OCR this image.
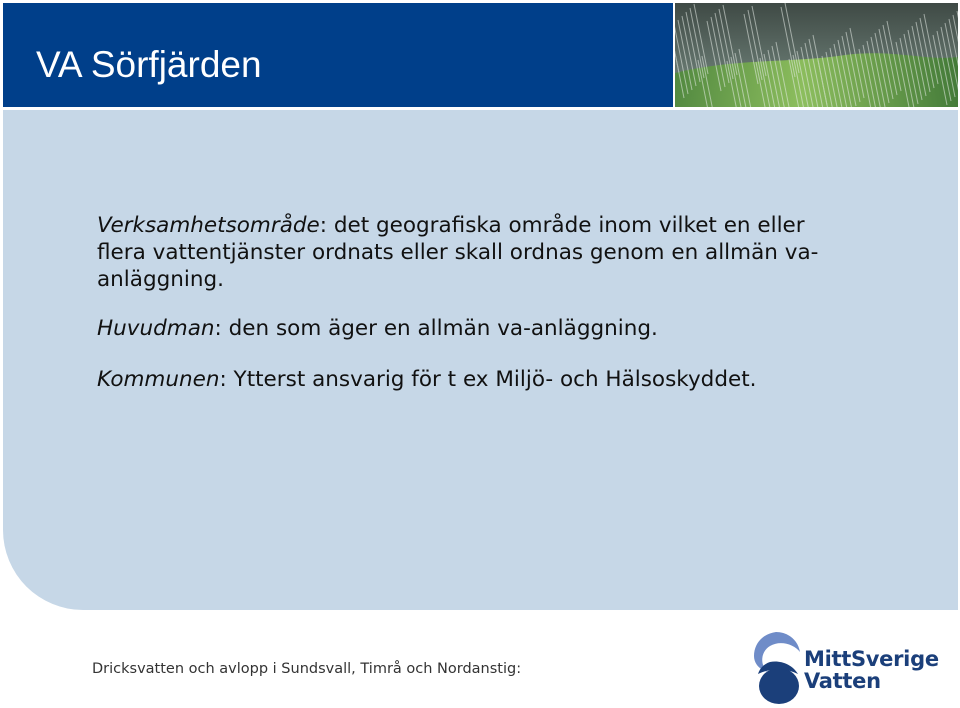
VA Sörfjärden

Verksamhetsområde: det geografiska område inom vilket en eller flera vattentjänster ordnats eller skall ordnas genom en allmän va-anläggning.

Huvudman: den som äger en allmän va-anläggning.

Kommunen: Ytterst ansvarig för t ex Miljö- och Hälsoskyddet.

Dricksvatten och avlopp i Sundsvall, Timrå och Nordanstig:	MittSverige
Vatten
